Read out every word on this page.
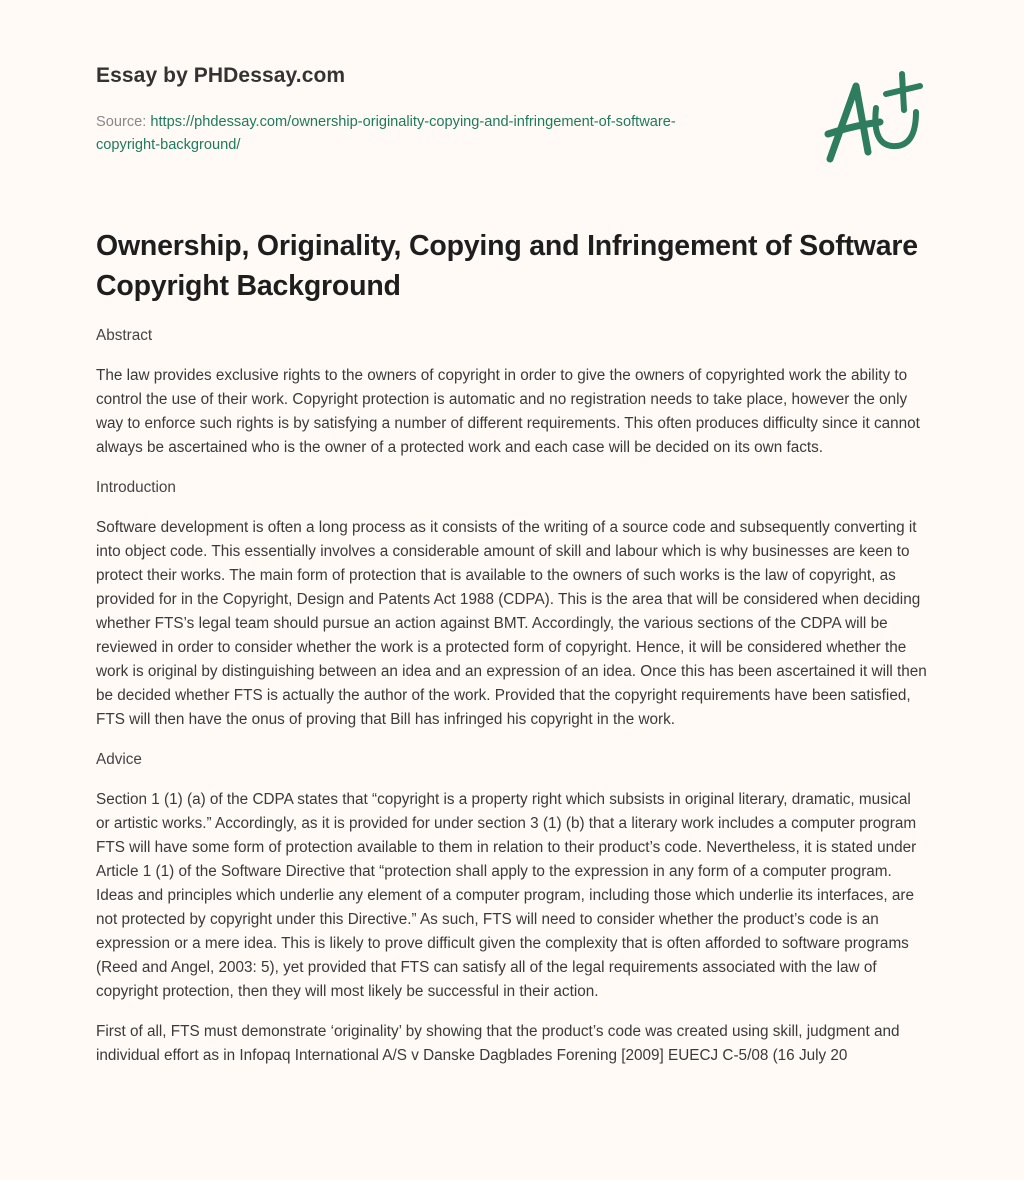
Essay by PHDessay.com
Source: https://phdessay.com/ownership-originality-copying-and-infringement-of-software-copyright-background/
Ownership, Originality, Copying and Infringement of Software Copyright Background

Abstract

The law provides exclusive rights to the owners of copyright in order to give the owners of copyrighted work the ability to control the use of their work. Copyright protection is automatic and no registration needs to take place, however the only way to enforce such rights is by satisfying a number of different requirements. This often produces difficulty since it cannot always be ascertained who is the owner of a protected work and each case will be decided on its own facts.

Introduction

Software development is often a long process as it consists of the writing of a source code and subsequently converting it into object code. This essentially involves a considerable amount of skill and labour which is why businesses are keen to protect their works. The main form of protection that is available to the owners of such works is the law of copyright, as provided for in the Copyright, Design and Patents Act 1988 (CDPA). This is the area that will be considered when deciding whether FTS’s legal team should pursue an action against BMT. Accordingly, the various sections of the CDPA will be reviewed in order to consider whether the work is a protected form of copyright. Hence, it will be considered whether the work is original by distinguishing between an idea and an expression of an idea. Once this has been ascertained it will then be decided whether FTS is actually the author of the work. Provided that the copyright requirements have been satisfied, FTS will then have the onus of proving that Bill has infringed his copyright in the work.

Advice

Section 1 (1) (a) of the CDPA states that “copyright is a property right which subsists in original literary, dramatic, musical or artistic works.” Accordingly, as it is provided for under section 3 (1) (b) that a literary work includes a computer program FTS will have some form of protection available to them in relation to their product’s code. Nevertheless, it is stated under Article 1 (1) of the Software Directive that “protection shall apply to the expression in any form of a computer program. Ideas and principles which underlie any element of a computer program, including those which underlie its interfaces, are not protected by copyright under this Directive.” As such, FTS will need to consider whether the product’s code is an expression or a mere idea. This is likely to prove difficult given the complexity that is often afforded to software programs (Reed and Angel, 2003: 5), yet provided that FTS can satisfy all of the legal requirements associated with the law of copyright protection, then they will most likely be successful in their action.

First of all, FTS must demonstrate ‘originality’ by showing that the product’s code was created using skill, judgment and individual effort as in Infopaq International A/S v Danske Dagblades Forening [2009] EUECJ C-5/08 (16 July 20
